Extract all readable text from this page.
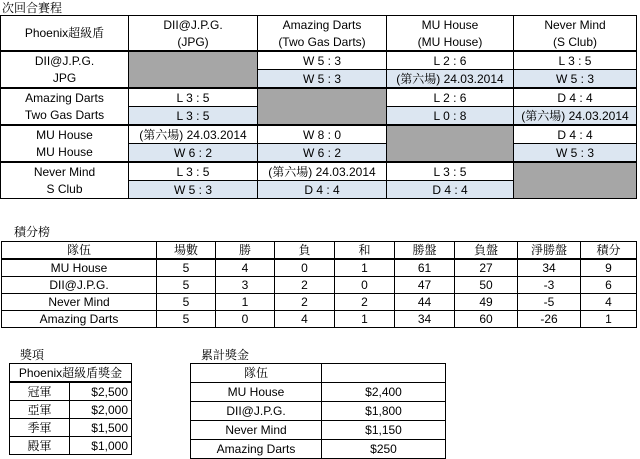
次回合賽程
Phoenix超級盾	DII@J.P.G.	Amazing Darts	MU House	Never Mind
	(JPG)	(Two Gas Darts)	(MU House)	(S Club)
DII@J.P.G.		W 5 : 3	L 2 : 6	L 3 : 5
JPG		W 5 : 3	(第六場) 24.03.2014	W 5 : 3
Amazing Darts	L 3 : 5		L 2 : 6	D 4 : 4
Two Gas Darts	L 3 : 5		L 0 : 8	(第六場) 24.03.2014
MU House	(第六場) 24.03.2014	W 8 : 0		D 4 : 4
MU House	W 6 : 2	W 6 : 2		W 5 : 3
Never Mind	L 3 : 5	(第六場) 24.03.2014	L 3 : 5	
S Club	W 5 : 3	D 4 : 4	D 4 : 4	
積分榜
隊伍	場數	勝	負	和	勝盤	負盤	淨勝盤	積分
MU House	5	4	0	1	61	27	34	9
DII@J.P.G.	5	3	2	0	47	50	-3	6
Never Mind	5	1	2	2	44	49	-5	4
Amazing Darts	5	0	4	1	34	60	-26	1
獎項
Phoenix超級盾獎金	
冠軍	$2,500
亞軍	$2,000
季軍	$1,500
殿軍	$1,000
累計獎金
隊伍	
MU House	$2,400
DII@J.P.G.	$1,800
Never Mind	$1,150
Amazing Darts	$250
